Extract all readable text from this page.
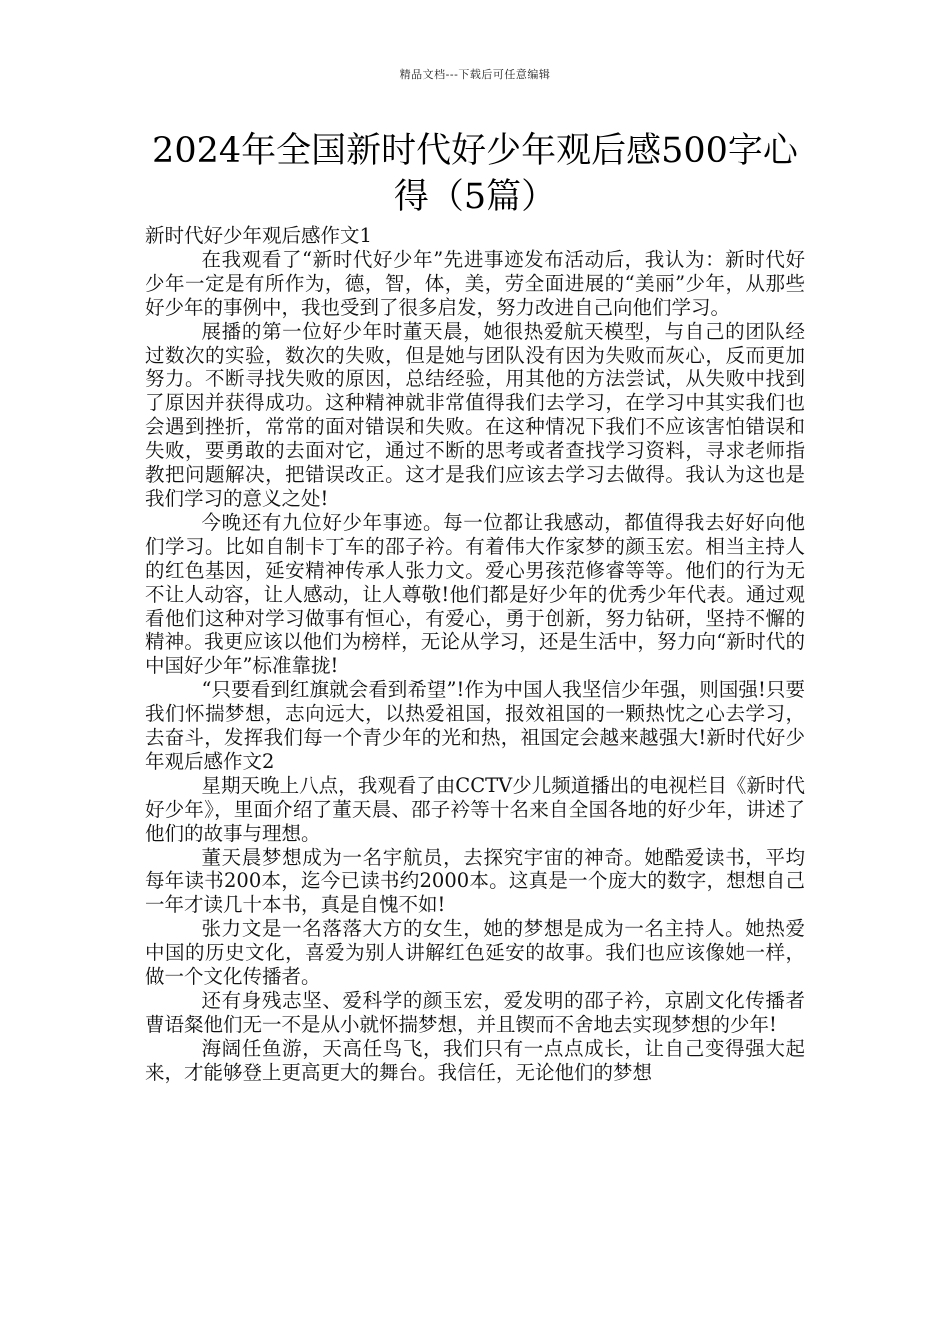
精品文档---下载后可任意编辑
2024年全国新时代好少年观后感500字心得（5篇）

新时代好少年观后感作文1

在我观看了“新时代好少年”先进事迹发布活动后，我认为：新时代好少年一定是有所作为，德，智，体，美，劳全面进展的“美丽”少年，从那些好少年的事例中，我也受到了很多启发，努力改进自己向他们学习。

展播的第一位好少年时董天晨，她很热爱航天模型，与自己的团队经过数次的实验，数次的失败，但是她与团队没有因为失败而灰心，反而更加努力。不断寻找失败的原因，总结经验，用其他的方法尝试，从失败中找到了原因并获得成功。这种精神就非常值得我们去学习，在学习中其实我们也会遇到挫折，常常的面对错误和失败。在这种情况下我们不应该害怕错误和失败，要勇敢的去面对它，通过不断的思考或者查找学习资料，寻求老师指教把问题解决，把错误改正。这才是我们应该去学习去做得。我认为这也是我们学习的意义之处!

今晚还有九位好少年事迹。每一位都让我感动，都值得我去好好向他们学习。比如自制卡丁车的邵子衿。有着伟大作家梦的颜玉宏。相当主持人的红色基因，延安精神传承人张力文。爱心男孩范修睿等等。他们的行为无不让人动容，让人感动，让人尊敬!他们都是好少年的优秀少年代表。通过观看他们这种对学习做事有恒心，有爱心，勇于创新，努力钻研，坚持不懈的精神。我更应该以他们为榜样，无论从学习，还是生活中，努力向“新时代的中国好少年”标准靠拢!

“只要看到红旗就会看到希望”!作为中国人我坚信少年强，则国强!只要我们怀揣梦想，志向远大，以热爱祖国，报效祖国的一颗热忱之心去学习，去奋斗，发挥我们每一个青少年的光和热，祖国定会越来越强大!新时代好少年观后感作文2

星期天晚上八点，我观看了由CCTV少儿频道播出的电视栏目《新时代好少年》，里面介绍了董天晨、邵子衿等十名来自全国各地的好少年，讲述了他们的故事与理想。

董天晨梦想成为一名宇航员，去探究宇宙的神奇。她酷爱读书，平均每年读书200本，迄今已读书约2000本。这真是一个庞大的数字，想想自己一年才读几十本书，真是自愧不如!

张力文是一名落落大方的女生，她的梦想是成为一名主持人。她热爱中国的历史文化，喜爱为别人讲解红色延安的故事。我们也应该像她一样，做一个文化传播者。

还有身残志坚、爱科学的颜玉宏，爱发明的邵子衿，京剧文化传播者曹语粲他们无一不是从小就怀揣梦想，并且锲而不舍地去实现梦想的少年!

海阔任鱼游，天高任鸟飞，我们只有一点点成长，让自己变得强大起来，才能够登上更高更大的舞台。我信任，无论他们的梦想
